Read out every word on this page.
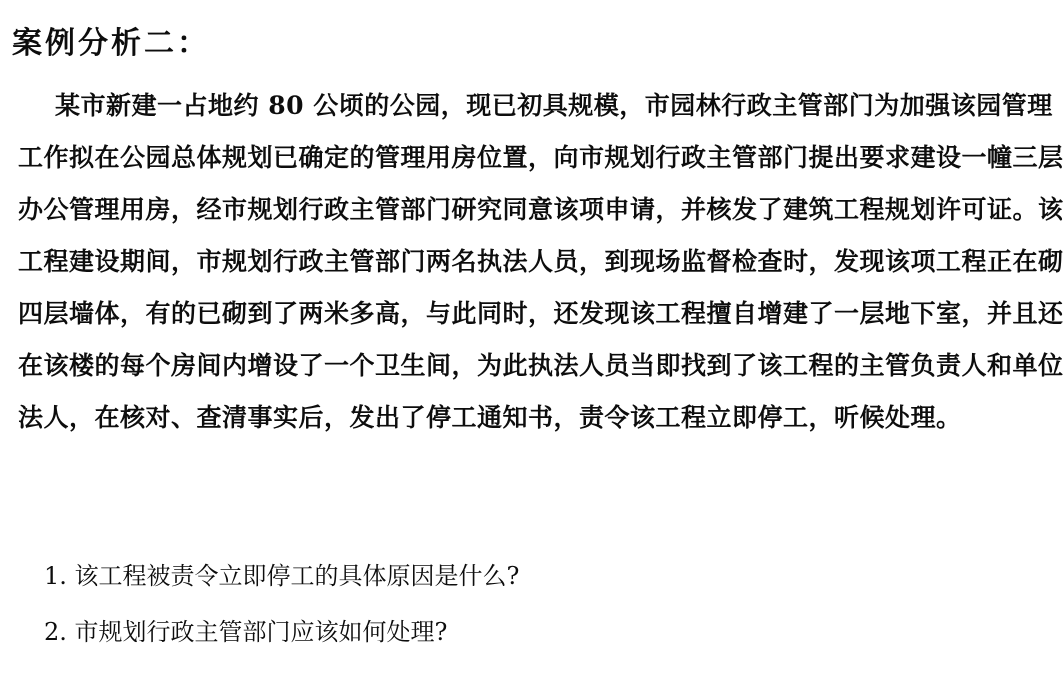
案例分析二：
某市新建一占地约 80 公顷的公园，现已初具规模，市园林行政主管部门为加强该园管理
工作拟在公园总体规划已确定的管理用房位置，向市规划行政主管部门提出要求建设一幢三层
办公管理用房，经市规划行政主管部门研究同意该项申请，并核发了建筑工程规划许可证。该
工程建设期间，市规划行政主管部门两名执法人员，到现场监督检查时，发现该项工程正在砌
四层墙体，有的已砌到了两米多高，与此同时，还发现该工程擅自增建了一层地下室，并且还
在该楼的每个房间内增设了一个卫生间，为此执法人员当即找到了该工程的主管负责人和单位
法人，在核对、查清事实后，发出了停工通知书，责令该工程立即停工，听候处理。
1. 该工程被责令立即停工的具体原因是什么?
2. 市规划行政主管部门应该如何处理?
